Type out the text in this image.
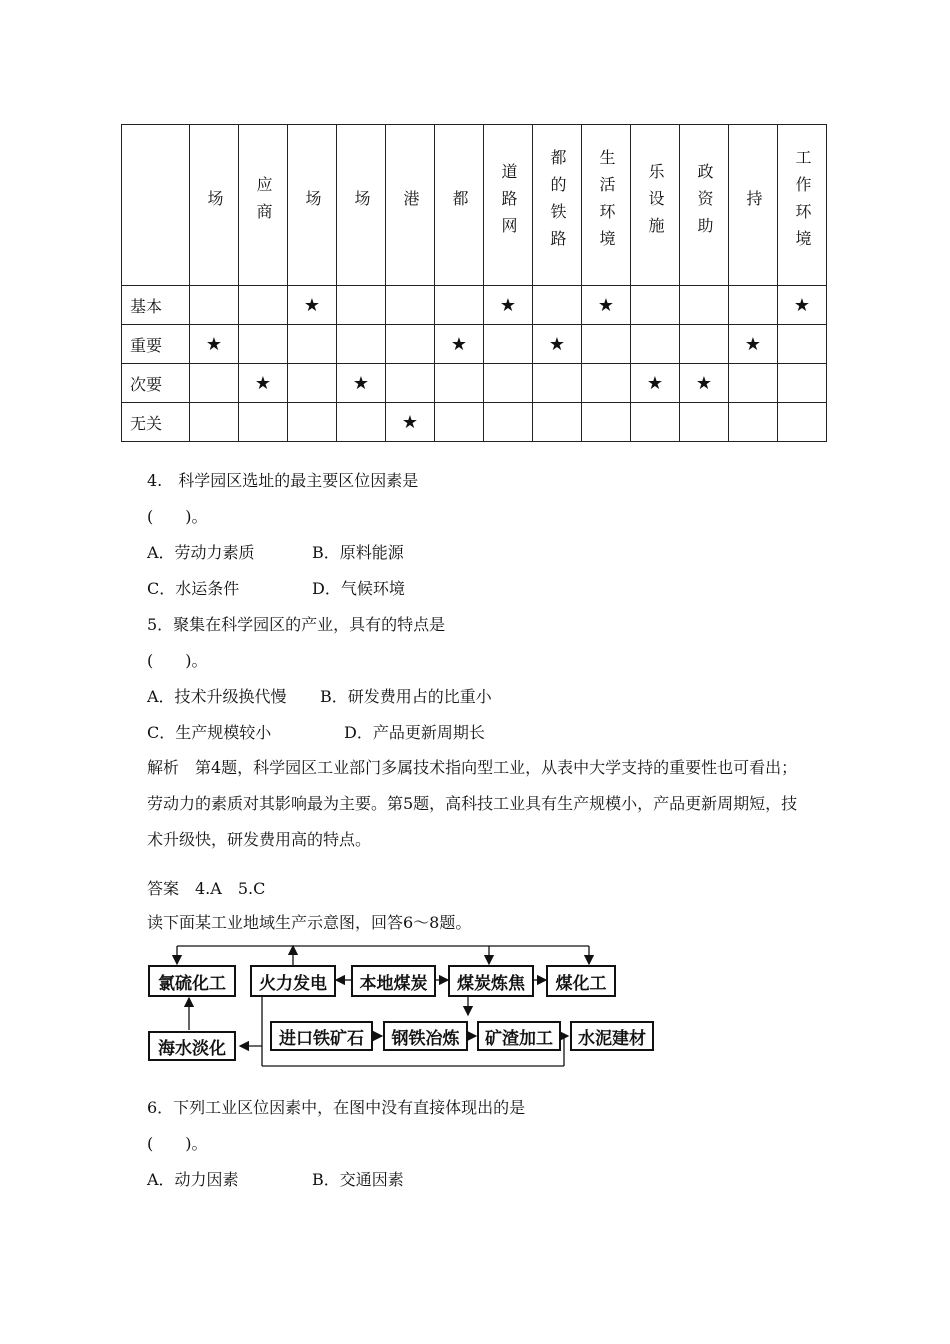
	场	应商	场	场	港	都	道路网	都的铁路	生活环境	乐设施	政资助	持	工作环境
基本			★				★		★				★
重要	★					★		★				★	
次要		★		★						★	★		
无关					★								
4.　科学园区选址的最主要区位因素是
(　　)。
A．劳动力素质	B．原料能源
C．水运条件	D．气候环境
5．聚集在科学园区的产业，具有的特点是
(　　)。
A．技术升级换代慢 B．研发费用占的比重小
C．生产规模较小	D．产品更新周期长
解析　第4题，科学园区工业部门多属技术指向型工业，从表中大学支持的重要性也可看出；劳动力的素质对其影响最为主要。第5题，高科技工业具有生产规模小，产品更新周期短，技术升级快，研发费用高的特点。
答案　4.A　5.C
读下面某工业地域生产示意图，回答6～8题。
氯硫化工	火力发电	本地煤炭	煤炭炼焦	煤化工
海水淡化	进口铁矿石	钢铁冶炼	矿渣加工	水泥建材
6．下列工业区位因素中，在图中没有直接体现出的是
(　　)。
A．动力因素	B．交通因素
